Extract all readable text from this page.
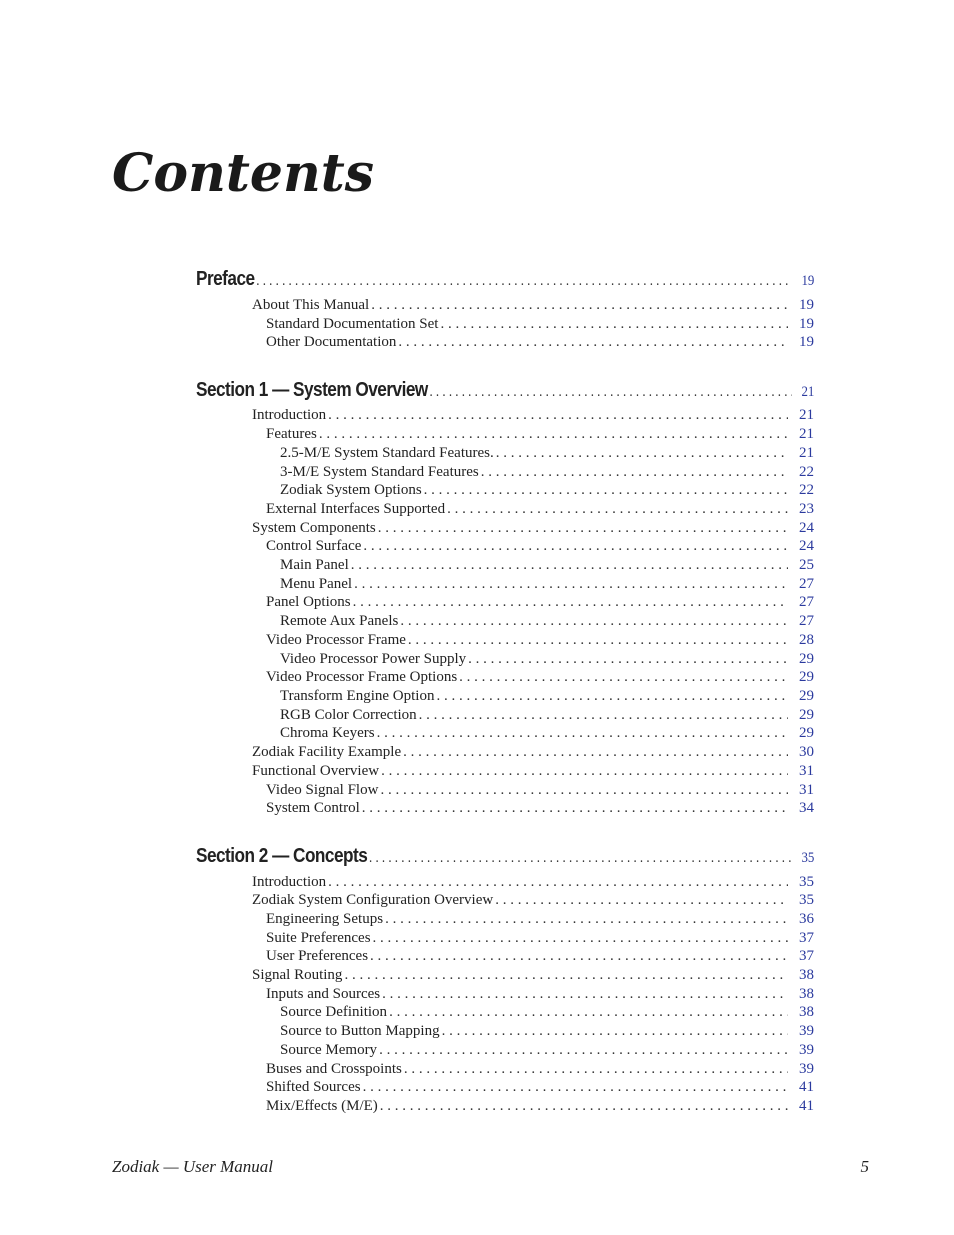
Contents
Preface . . .	19
About This Manual . . .	19
Standard Documentation Set . . .	19
Other Documentation . . .	19
Section 1 — System Overview . . .	21
Introduction . . .	21
Features . . .	21
2.5-M/E System Standard Features. . . .	21
3-M/E System Standard Features . . .	22
Zodiak System Options . . .	22
External Interfaces Supported . . .	23
System Components . . .	24
Control Surface . . .	24
Main Panel . . .	25
Menu Panel . . .	27
Panel Options . . .	27
Remote Aux Panels . . .	27
Video Processor Frame . . .	28
Video Processor Power Supply . . .	29
Video Processor Frame Options . . .	29
Transform Engine Option . . .	29
RGB Color Correction . . .	29
Chroma Keyers . . .	29
Zodiak Facility Example . . .	30
Functional Overview . . .	31
Video Signal Flow . . .	31
System Control . . .	34
Section 2 — Concepts . . .	35
Introduction . . .	35
Zodiak System Configuration Overview . . .	35
Engineering Setups . . .	36
Suite Preferences . . .	37
User Preferences . . .	37
Signal Routing . . .	38
Inputs and Sources . . .	38
Source Definition . . .	38
Source to Button Mapping . . .	39
Source Memory . . .	39
Buses and Crosspoints . . .	39
Shifted Sources . . .	41
Mix/Effects (M/E) . . .	41
Zodiak — User Manual	5
